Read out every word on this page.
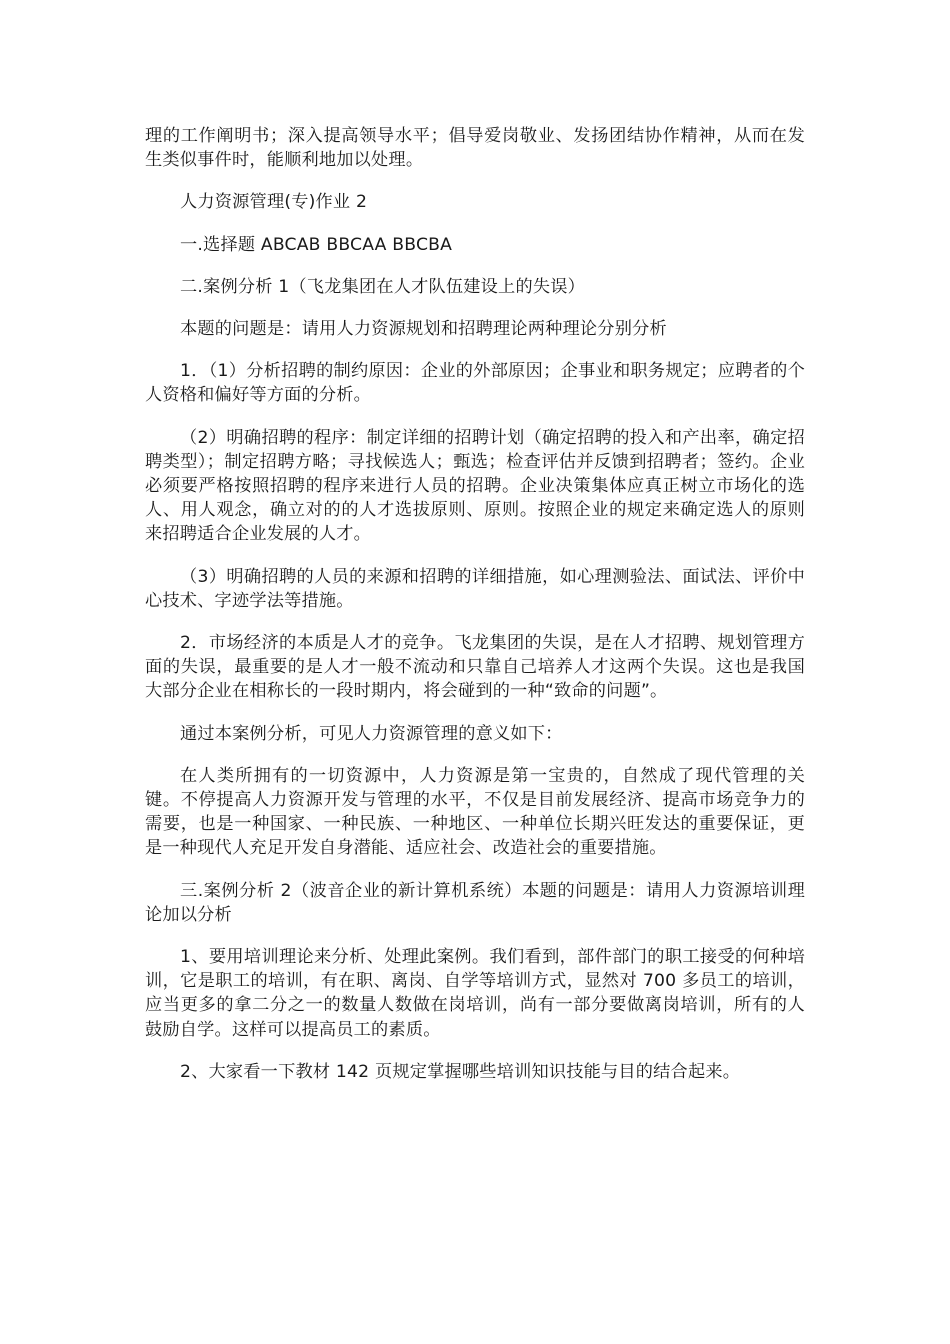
理的工作阐明书；深入提高领导水平；倡导爱岗敬业、发扬团结协作精神，从而在发生类似事件时，能顺利地加以处理。

人力资源管理(专)作业 2

一.选择题 ABCAB BBCAA BBCBA

二.案例分析 1（飞龙集团在人才队伍建设上的失误）

本题的问题是：请用人力资源规划和招聘理论两种理论分别分析

1．（1）分析招聘的制约原因：企业的外部原因；企事业和职务规定；应聘者的个人资格和偏好等方面的分析。

（2）明确招聘的程序：制定详细的招聘计划（确定招聘的投入和产出率，确定招聘类型）；制定招聘方略；寻找候选人；甄选；检查评估并反馈到招聘者；签约。企业必须要严格按照招聘的程序来进行人员的招聘。企业决策集体应真正树立市场化的选人、用人观念，确立对的的人才选拔原则、原则。按照企业的规定来确定选人的原则来招聘适合企业发展的人才。

（3）明确招聘的人员的来源和招聘的详细措施，如心理测验法、面试法、评价中心技术、字迹学法等措施。

2．市场经济的本质是人才的竞争。飞龙集团的失误，是在人才招聘、规划管理方面的失误，最重要的是人才一般不流动和只靠自己培养人才这两个失误。这也是我国大部分企业在相称长的一段时期内，将会碰到的一种“致命的问题”。

通过本案例分析，可见人力资源管理的意义如下：

在人类所拥有的一切资源中，人力资源是第一宝贵的，自然成了现代管理的关键。不停提高人力资源开发与管理的水平，不仅是目前发展经济、提高市场竞争力的需要，也是一种国家、一种民族、一种地区、一种单位长期兴旺发达的重要保证，更是一种现代人充足开发自身潜能、适应社会、改造社会的重要措施。

三.案例分析 2（波音企业的新计算机系统）本题的问题是：请用人力资源培训理论加以分析

1、要用培训理论来分析、处理此案例。我们看到，部件部门的职工接受的何种培训，它是职工的培训，有在职、离岗、自学等培训方式，显然对 700 多员工的培训，应当更多的拿二分之一的数量人数做在岗培训，尚有一部分要做离岗培训，所有的人鼓励自学。这样可以提高员工的素质。

2、大家看一下教材 142 页规定掌握哪些培训知识技能与目的结合起来。
